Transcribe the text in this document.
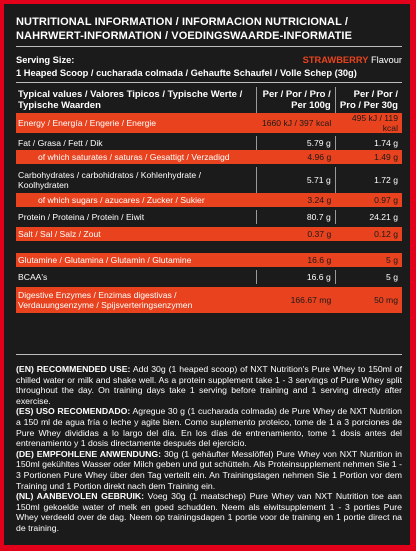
NUTRITIONAL INFORMATION / INFORMACION NUTRICIONAL /
NAHRWERT-INFORMATION / VOEDINGSWAARDE-INFORMATIE
Serving Size:	STRAWBERRY Flavour
1 Heaped Scoop / cucharada colmada / Gehaufte Schaufel / Volle Schep (30g)
Typical values / Valores Tipicos / Typische Werte / Typische Waarden	Per / Por / Pro / Per 100g	Per / Por / Pro / Per 30g
Energy / Energía / Engerie / Energie	1660 kJ / 397 kcal	495 kJ / 119 kcal

Fat / Grasa / Fett / Dik	5.79 g	1.74 g
of which saturates / saturas / Gesattigt / Verzadigd	4.96 g	1.49 g

Carbohydrates / carbohidratos / Kohlenhydrate / Koolhydraten	5.71 g	1.72 g
of which sugars / azucares / Zucker / Sukier	3.24 g	0.97 g

Protein / Proteina / Protein / Eiwit	80.7 g	24.21 g

Salt / Sal / Salz / Zout	0.37 g	0.12 g

Glutamine / Glutamina / Glutamin / Glutamine	16.6 g	5 g

BCAA's	16.6 g	5 g

Digestive Enzymes / Enzimas digestivas / Verdauungsenzyme / Spijsverteringsenzymen	166.67 mg	50 mg

(EN) RECOMMENDED USE: Add 30g (1 heaped scoop) of NXT Nutrition's Pure Whey to 150ml of chilled water or milk and shake well. As a protein supplement take 1 - 3 servings of Pure Whey split throughout the day. On training days take 1 serving before training and 1 serving directly after exercise.

(ES) USO RECOMENDADO: Agregue 30 g (1 cucharada colmada) de Pure Whey de NXT Nutrition a 150 ml de agua fría o leche y agite bien. Como suplemento proteico, tome de 1 a 3 porciones de Pure Whey divididas a lo largo del día. En los días de entrenamiento, tome 1 dosis antes del entrenamiento y 1 dosis directamente después del ejercicio.

(DE) EMPFOHLENE ANWENDUNG: 30g (1 gehäufter Messlöffel) Pure Whey von NXT Nutrition in 150ml gekühltes Wasser oder Milch geben und gut schütteln. Als Proteinsupplement nehmen Sie 1 - 3 Portionen Pure Whey über den Tag verteilt ein. An Trainingstagen nehmen Sie 1 Portion vor dem Training und 1 Portion direkt nach dem Training ein.

(NL) AANBEVOLEN GEBRUIK: Voeg 30g (1 maatschep) Pure Whey van NXT Nutrition toe aan 150ml gekoelde water of melk en goed schudden. Neem als eiwitsupplement 1 - 3 porties Pure Whey verdeeld over de dag. Neem op trainingsdagen 1 portie voor de training en 1 portie direct na de training.
